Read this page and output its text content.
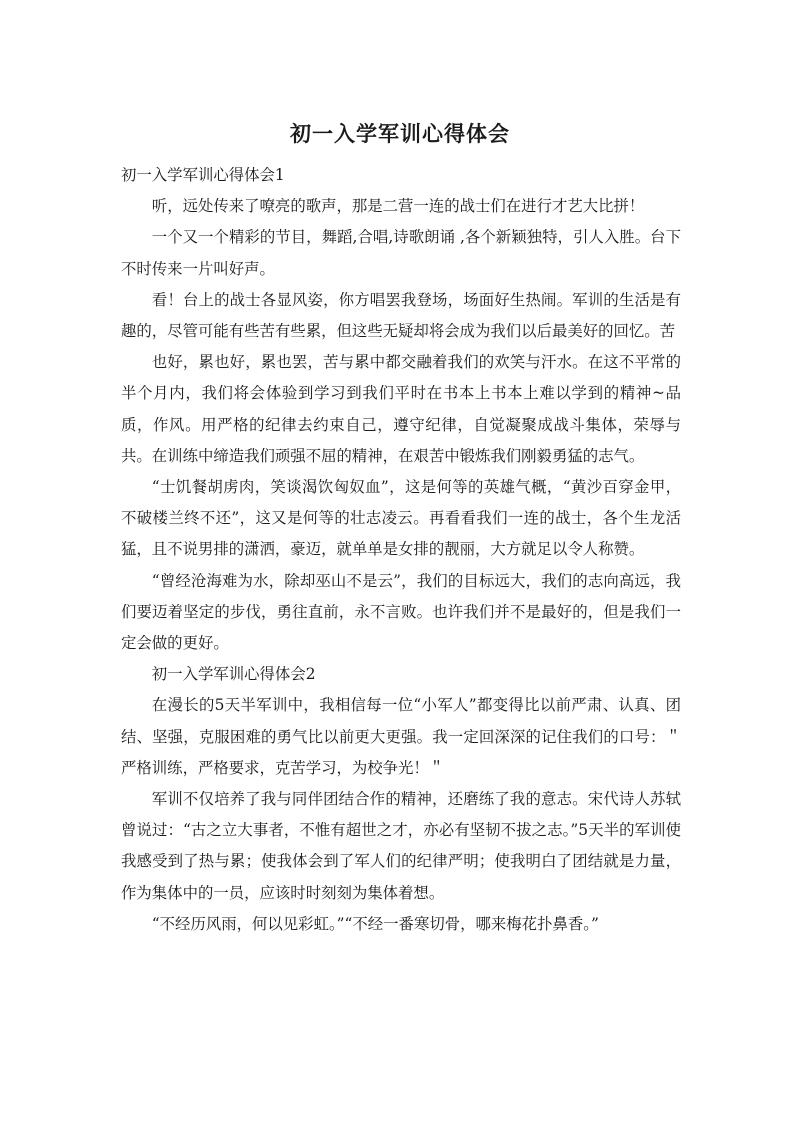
初一入学军训心得体会

初一入学军训心得体会1

听，远处传来了嘹亮的歌声，那是二营一连的战士们在进行才艺大比拼！

一个又一个精彩的节目，舞蹈,合唱,诗歌朗诵 ,各个新颖独特，引人入胜。台下不时传来一片叫好声。

看！台上的战士各显风姿，你方唱罢我登场，场面好生热闹。军训的生活是有趣的，尽管可能有些苦有些累，但这些无疑却将会成为我们以后最美好的回忆。苦

也好，累也好，累也罢，苦与累中都交融着我们的欢笑与汗水。在这不平常的半个月内，我们将会体验到学习到我们平时在书本上书本上难以学到的精神~品质，作风。用严格的纪律去约束自己，遵守纪律，自觉凝聚成战斗集体，荣辱与共。在训练中缔造我们顽强不屈的精神，在艰苦中锻炼我们刚毅勇猛的志气。

“士饥餐胡虏肉，笑谈渴饮匈奴血”，这是何等的英雄气概，“黄沙百穿金甲，不破楼兰终不还”，这又是何等的壮志凌云。再看看我们一连的战士，各个生龙活猛，且不说男排的潇洒，豪迈，就单单是女排的靓丽，大方就足以令人称赞。

“曾经沧海难为水，除却巫山不是云”，我们的目标远大，我们的志向高远，我们要迈着坚定的步伐，勇往直前，永不言败。也许我们并不是最好的，但是我们一定会做的更好。

初一入学军训心得体会2

在漫长的5天半军训中，我相信每一位“小军人”都变得比以前严肃、认真、团结、坚强，克服困难的勇气比以前更大更强。我一定回深深的记住我们的口号：＂严格训练，严格要求，克苦学习，为校争光！＂

军训不仅培养了我与同伴团结合作的精神，还磨练了我的意志。宋代诗人苏轼曾说过：“古之立大事者，不惟有超世之才，亦必有坚韧不拔之志。”5天半的军训使我感受到了热与累；使我体会到了军人们的纪律严明；使我明白了团结就是力量，作为集体中的一员，应该时时刻刻为集体着想。

“不经历风雨，何以见彩虹。”“不经一番寒切骨，哪来梅花扑鼻香。”
